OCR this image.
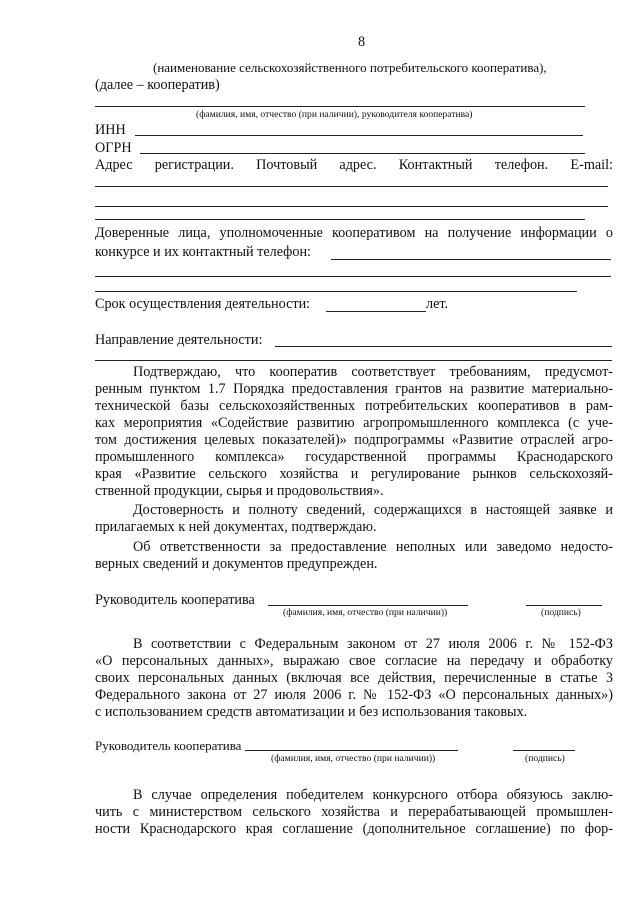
8
(наименование сельскохозяйственного потребительского кооператива),
(далее – кооператив)
(фамилия, имя, отчество (при наличии), руководителя кооператива)
ИНН
ОГРН
Адрес регистрации. Почтовый адрес. Контактный телефон. E-mail:
Доверенные лица, уполномоченные кооперативом на получение информации о
конкурсе и их контактный телефон:
Срок осуществления деятельности:	лет.
Направление деятельности:
Подтверждаю, что кооператив соответствует требованиям, предусмот-
ренным пунктом 1.7 Порядка предоставления грантов на развитие материально-
технической базы сельскохозяйственных потребительских кооперативов в рам-
ках мероприятия «Содействие развитию агропромышленного комплекса (с уче-
том достижения целевых показателей)» подпрограммы «Развитие отраслей агро-
промышленного комплекса» государственной программы Краснодарского
края «Развитие сельского хозяйства и регулирование рынков сельскохозяй-
ственной продукции, сырья и продовольствия».
Достоверность и полноту сведений, содержащихся в настоящей заявке и
прилагаемых к ней документах, подтверждаю.
Об ответственности за предоставление неполных или заведомо недосто-
верных сведений и документов предупрежден.
Руководитель кооператива
(фамилия, имя, отчество (при наличии))	(подпись)
В соответствии с Федеральным законом от 27 июля 2006 г. № 152-ФЗ
«О персональных данных», выражаю свое согласие на передачу и обработку
своих персональных данных (включая все действия, перечисленные в статье 3
Федерального закона от 27 июля 2006 г. № 152-ФЗ «О персональных данных»)
с использованием средств автоматизации и без использования таковых.
Руководитель кооператива
(фамилия, имя, отчество (при наличии))	(подпись)
В случае определения победителем конкурсного отбора обязуюсь заклю-
чить с министерством сельского хозяйства и перерабатывающей промышлен-
ности Краснодарского края соглашение (дополнительное соглашение) по фор-
